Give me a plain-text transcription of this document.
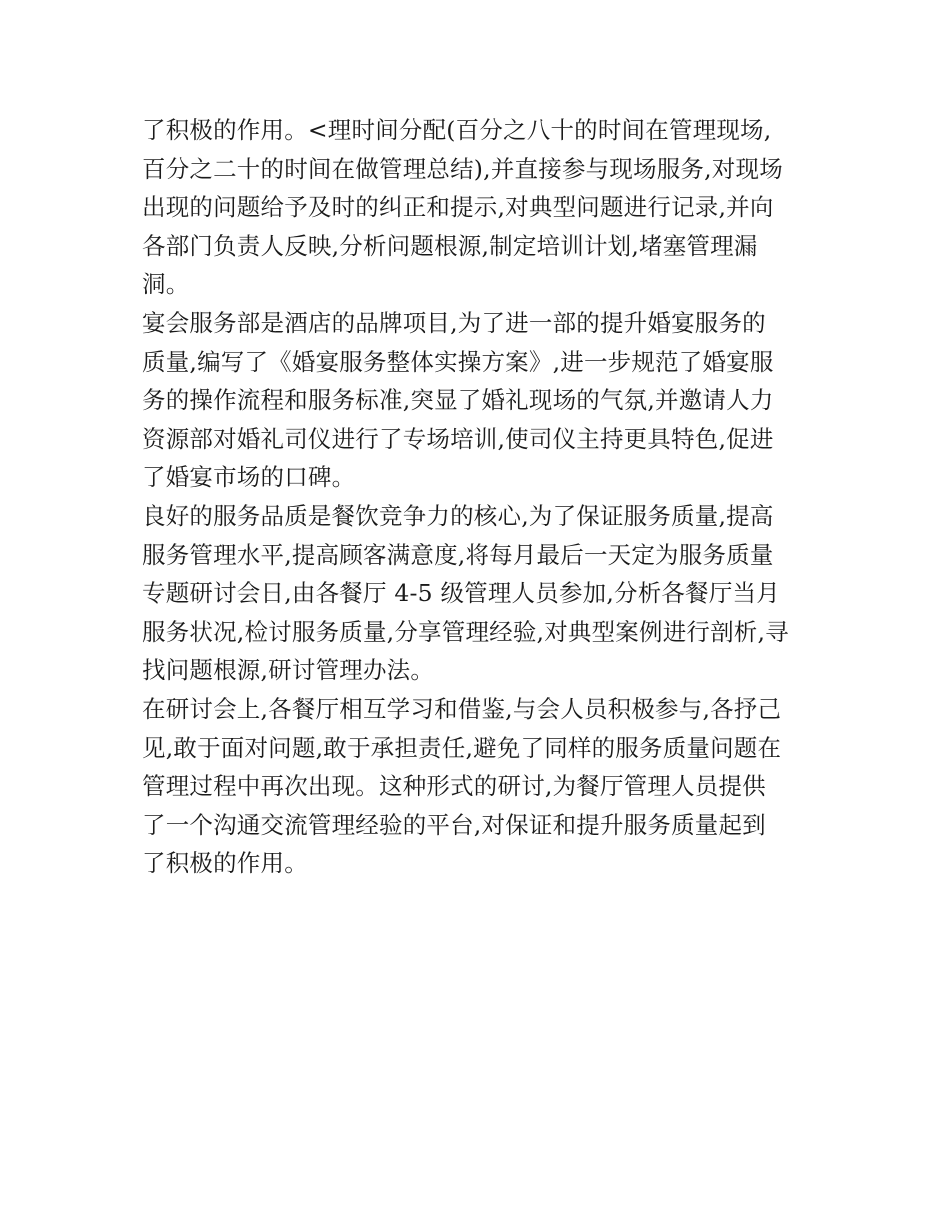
了积极的作用。<理时间分配(百分之八十的时间在管理现场,
百分之二十的时间在做管理总结),并直接参与现场服务,对现场
出现的问题给予及时的纠正和提示,对典型问题进行记录,并向
各部门负责人反映,分析问题根源,制定培训计划,堵塞管理漏
洞。

宴会服务部是酒店的品牌项目,为了进一部的提升婚宴服务的
质量,编写了《婚宴服务整体实操方案》,进一步规范了婚宴服
务的操作流程和服务标准,突显了婚礼现场的气氛,并邀请人力
资源部对婚礼司仪进行了专场培训,使司仪主持更具特色,促进
了婚宴市场的口碑。

良好的服务品质是餐饮竞争力的核心,为了保证服务质量,提高
服务管理水平,提高顾客满意度,将每月最后一天定为服务质量
专题研讨会日,由各餐厅 4-5 级管理人员参加,分析各餐厅当月
服务状况,检讨服务质量,分享管理经验,对典型案例进行剖析,寻
找问题根源,研讨管理办法。

在研讨会上,各餐厅相互学习和借鉴,与会人员积极参与,各抒己
见,敢于面对问题,敢于承担责任,避免了同样的服务质量问题在
管理过程中再次出现。这种形式的研讨,为餐厅管理人员提供
了一个沟通交流管理经验的平台,对保证和提升服务质量起到
了积极的作用。
